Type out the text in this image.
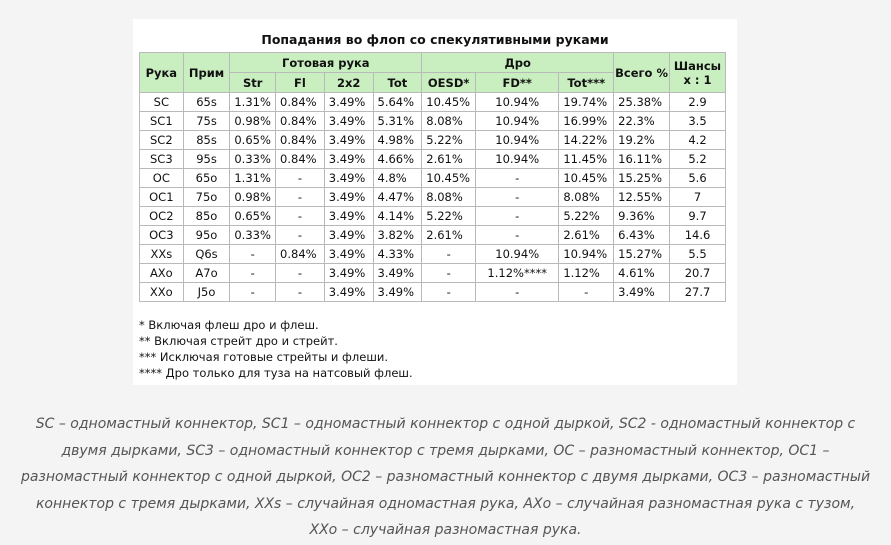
Попадания во флоп со спекулятивными руками
Рука	Прим	Готовая рука				Дро			Всего %	Шансы x : 1
		Str	Fl	2x2	Tot	OESD*	FD**	Tot***		
SC	65s	1.31%	0.84%	3.49%	5.64%	10.45%	10.94%	19.74%	25.38%	2.9
SC1	75s	0.98%	0.84%	3.49%	5.31%	8.08%	10.94%	16.99%	22.3%	3.5
SC2	85s	0.65%	0.84%	3.49%	4.98%	5.22%	10.94%	14.22%	19.2%	4.2
SC3	95s	0.33%	0.84%	3.49%	4.66%	2.61%	10.94%	11.45%	16.11%	5.2
OC	65o	1.31%	-	3.49%	4.8%	10.45%	-	10.45%	15.25%	5.6
OC1	75o	0.98%	-	3.49%	4.47%	8.08%	-	8.08%	12.55%	7
OC2	85o	0.65%	-	3.49%	4.14%	5.22%	-	5.22%	9.36%	9.7
OC3	95o	0.33%	-	3.49%	3.82%	2.61%	-	2.61%	6.43%	14.6
XXs	Q6s	-	0.84%	3.49%	4.33%	-	10.94%	10.94%	15.27%	5.5
AXo	A7o	-	-	3.49%	3.49%	-	1.12%****	1.12%	4.61%	20.7
XXo	J5o	-	-	3.49%	3.49%	-	-	-	3.49%	27.7
* Включая флеш дро и флеш.
** Включая стрейт дро и стрейт.
*** Исключая готовые стрейты и флеши.
**** Дро только для туза на натсовый флеш.
SC – одномастный коннектор, SC1 – одномастный коннектор с одной дыркой, SC2 - одномастный коннектор с двумя дырками, SC3 – одномастный коннектор с тремя дырками, OC – разномастный коннектор, OC1 – разномастный коннектор с одной дыркой, OC2 – разномастный коннектор с двумя дырками, OC3 – разномастный коннектор с тремя дырками, XXs – случайная одномастная рука, AXo – случайная разномастная рука с тузом, XXo – случайная разномастная рука.
